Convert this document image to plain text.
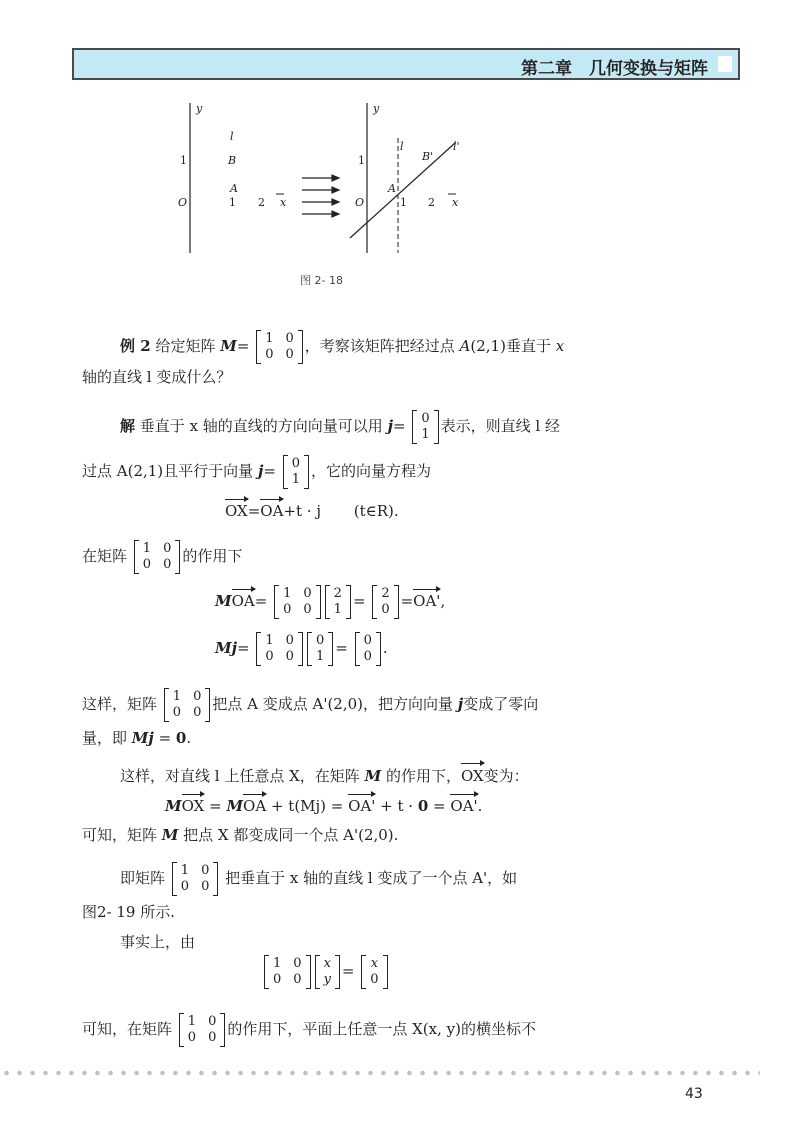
第二章　几何变换与矩阵
y
l
1	B
A
O	1 2 x
y
l	l'
B'
1
A
O	1 2 x
图 2- 18
例 2 给定矩阵 M= 1 0
0 0 ，考察该矩阵把经过点 A(2,1)垂直于 x
轴的直线 l 变成什么？
解 垂直于 x 轴的直线的方向向量可以用 j= 0
1 表示，则直线 l 经
过点 A(2,1)且平行于向量 j= 0
1 ，它的向量方程为
OX=OA+t · j (t∈R).
在矩阵 1 0
0 0 的作用下
MOA= 1 0
0 0
2
1 = 2
0 =OA',
Mj= 1 0
0 0
0
1 = 0
0 .
这样，矩阵 1 0
0 0 把点 A 变成点 A'(2,0)，把方向向量 j变成了零向
量，即 Mj = 0.
这样，对直线 l 上任意点 X，在矩阵 M 的作用下，OX变为：
MOX = MOA + t(Mj) = OA' + t · 0 = OA'.
可知，矩阵 M 把点 X 都变成同一个点 A'(2,0).
即矩阵 1 0
0 0 把垂直于 x 轴的直线 l 变成了一个点 A'，如
图2- 19 所示.
事实上，由
1 0
0 0
x
y = x
0
可知，在矩阵 1 0
0 0 的作用下，平面上任意一点 X(x, y)的横坐标不
43
